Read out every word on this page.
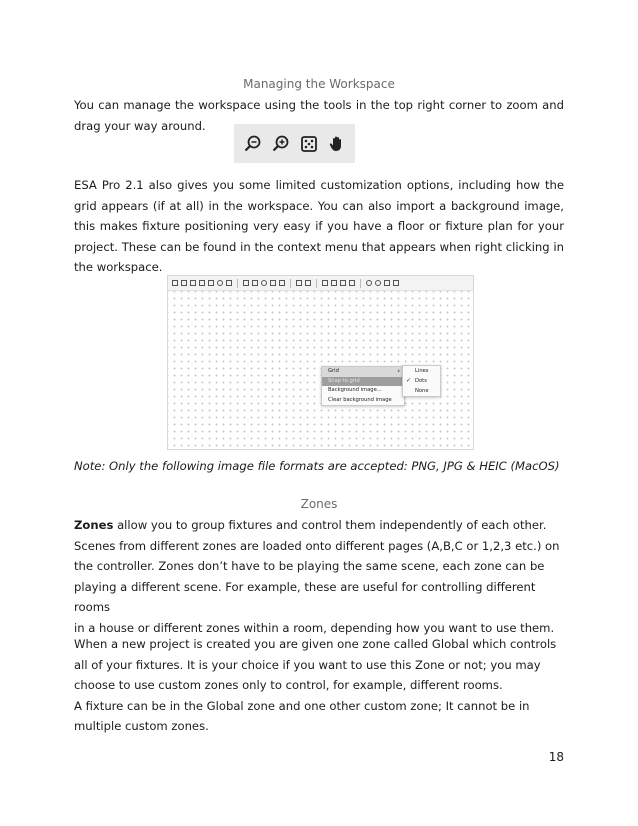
Managing the Workspace
You can manage the workspace using the tools in the top right corner to zoom and drag your way around.
ESA Pro 2.1 also gives you some limited customization options, including how the grid appears (if at all) in the workspace. You can also import a background image, this makes fixture positioning very easy if you have a floor or fixture plan for your project. These can be found in the context menu that appears when right clicking in the workspace.
Grid	›
Snap to grid
Background image...
Clear background image
Lines
✓ Dots
None
Note: Only the following image file formats are accepted: PNG, JPG & HEIC (MacOS)
Zones
Zones allow you to group fixtures and control them independently of each other.
Scenes from different zones are loaded onto different pages (A,B,C or 1,2,3 etc.) on
the controller. Zones don’t have to be playing the same scene, each zone can be
playing a different scene. For example, these are useful for controlling different rooms
in a house or different zones within a room, depending how you want to use them.
When a new project is created you are given one zone called Global which controls
all of your fixtures. It is your choice if you want to use this Zone or not; you may
choose to use custom zones only to control, for example, different rooms.
A fixture can be in the Global zone and one other custom zone; It cannot be in
multiple custom zones.
18
